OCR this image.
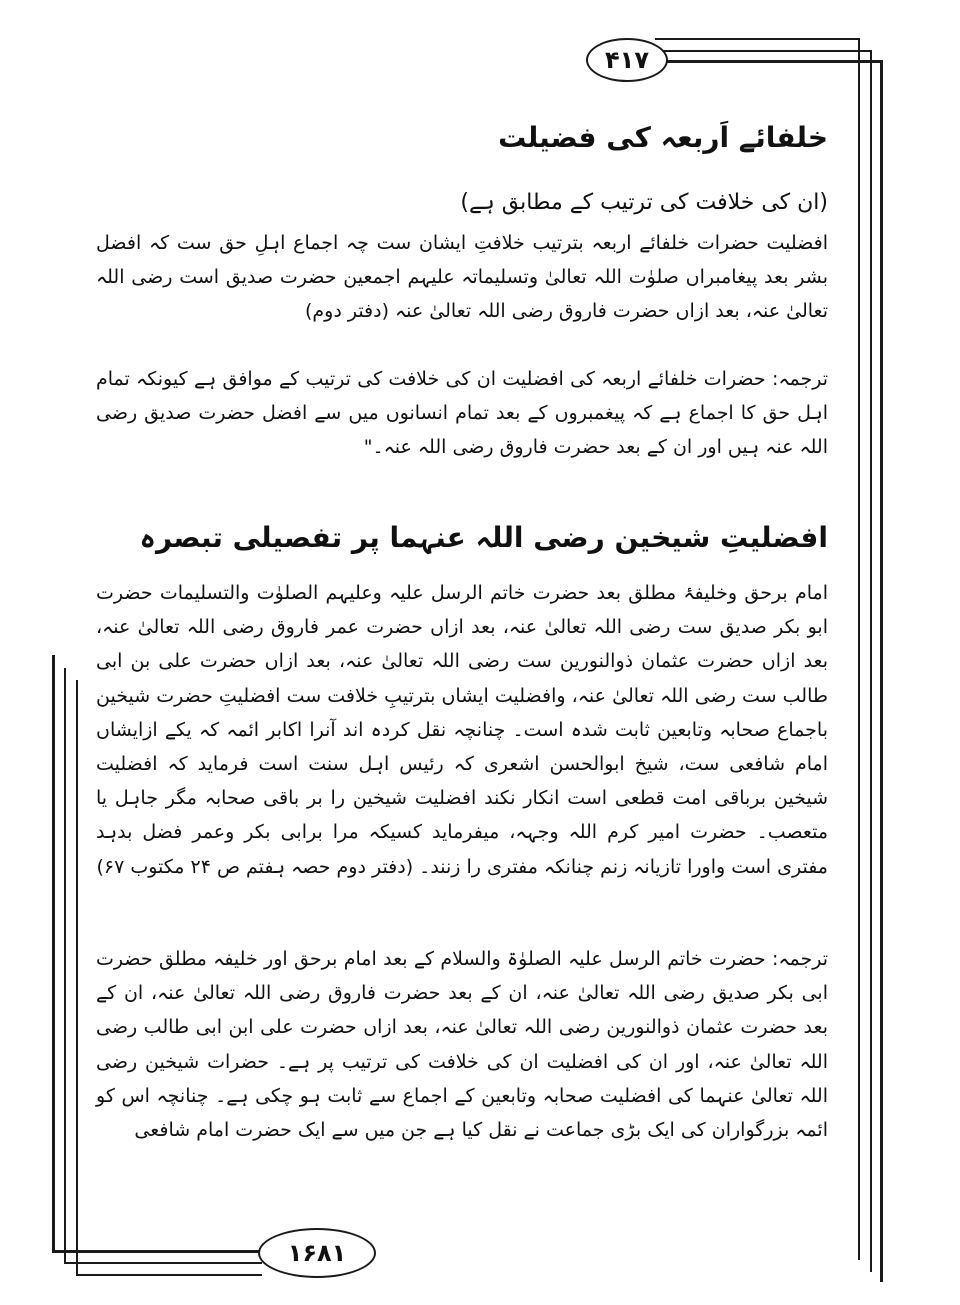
۴۱۷
۱۶۸۱
خلفائے اَربعہ کی فضیلت
(ان کی خلافت کی ترتیب کے مطابق ہے)

افضلیت حضرات خلفائے اربعہ بترتیب خلافتِ ایشان ست چہ اجماع اہلِ حق ست کہ افضل بشر بعد پیغامبراں صلوٰت اللہ تعالیٰ وتسلیماتہ علیہم اجمعین حضرت صدیق است رضی اللہ تعالیٰ عنہ، بعد ازاں حضرت فاروق رضی اللہ تعالیٰ عنہ (دفتر دوم)

ترجمہ: حضرات خلفائے اربعہ کی افضلیت ان کی خلافت کی ترتیب کے موافق ہے کیونکہ تمام اہل حق کا اجماع ہے کہ پیغمبروں کے بعد تمام انسانوں میں سے افضل حضرت صدیق رضی اللہ عنہ ہیں اور ان کے بعد حضرت فاروق رضی اللہ عنہ۔"

افضلیتِ شیخین رضی اللہ عنہما پر تفصیلی تبصرہ

امام برحق وخلیفۂ مطلق بعد حضرت خاتم الرسل علیہ وعلیہم الصلوٰت والتسلیمات حضرت ابو بکر صدیق ست رضی اللہ تعالیٰ عنہ، بعد ازاں حضرت عمر فاروق رضی اللہ تعالیٰ عنہ، بعد ازاں حضرت عثمان ذوالنورین ست رضی اللہ تعالیٰ عنہ، بعد ازاں حضرت علی بن ابی طالب ست رضی اللہ تعالیٰ عنہ، وافضلیت ایشاں بترتیبِ خلافت ست افضلیتِ حضرت شیخین باجماع صحابہ وتابعین ثابت شدہ است۔ چنانچہ نقل کردہ اند آنرا اکابر ائمہ کہ یکے ازایشاں امام شافعی ست، شیخ ابوالحسن اشعری کہ رئیس اہل سنت است فرماید کہ افضلیت شیخین برباقی امت قطعی است انکار نکند افضلیت شیخین را بر باقی صحابہ مگر جاہل یا متعصب۔ حضرت امیر کرم اللہ وجہہ، میفرماید کسیکہ مرا برابی بکر وعمر فضل بدہد مفتری است واورا تازیانہ زنم چنانکہ مفتری را زنند۔ (دفتر دوم حصہ ہفتم ص ۲۴ مکتوب ۶۷)

ترجمہ: حضرت خاتم الرسل علیہ الصلوٰۃ والسلام کے بعد امام برحق اور خلیفہ مطلق حضرت ابی بکر صدیق رضی اللہ تعالیٰ عنہ، ان کے بعد حضرت فاروق رضی اللہ تعالیٰ عنہ، ان کے بعد حضرت عثمان ذوالنورین رضی اللہ تعالیٰ عنہ، بعد ازاں حضرت علی ابن ابی طالب رضی اللہ تعالیٰ عنہ، اور ان کی افضلیت ان کی خلافت کی ترتیب پر ہے۔ حضرات شیخین رضی اللہ تعالیٰ عنہما کی افضلیت صحابہ وتابعین کے اجماع سے ثابت ہو چکی ہے۔ چنانچہ اس کو ائمہ بزرگواران کی ایک بڑی جماعت نے نقل کیا ہے جن میں سے ایک حضرت امام شافعی
